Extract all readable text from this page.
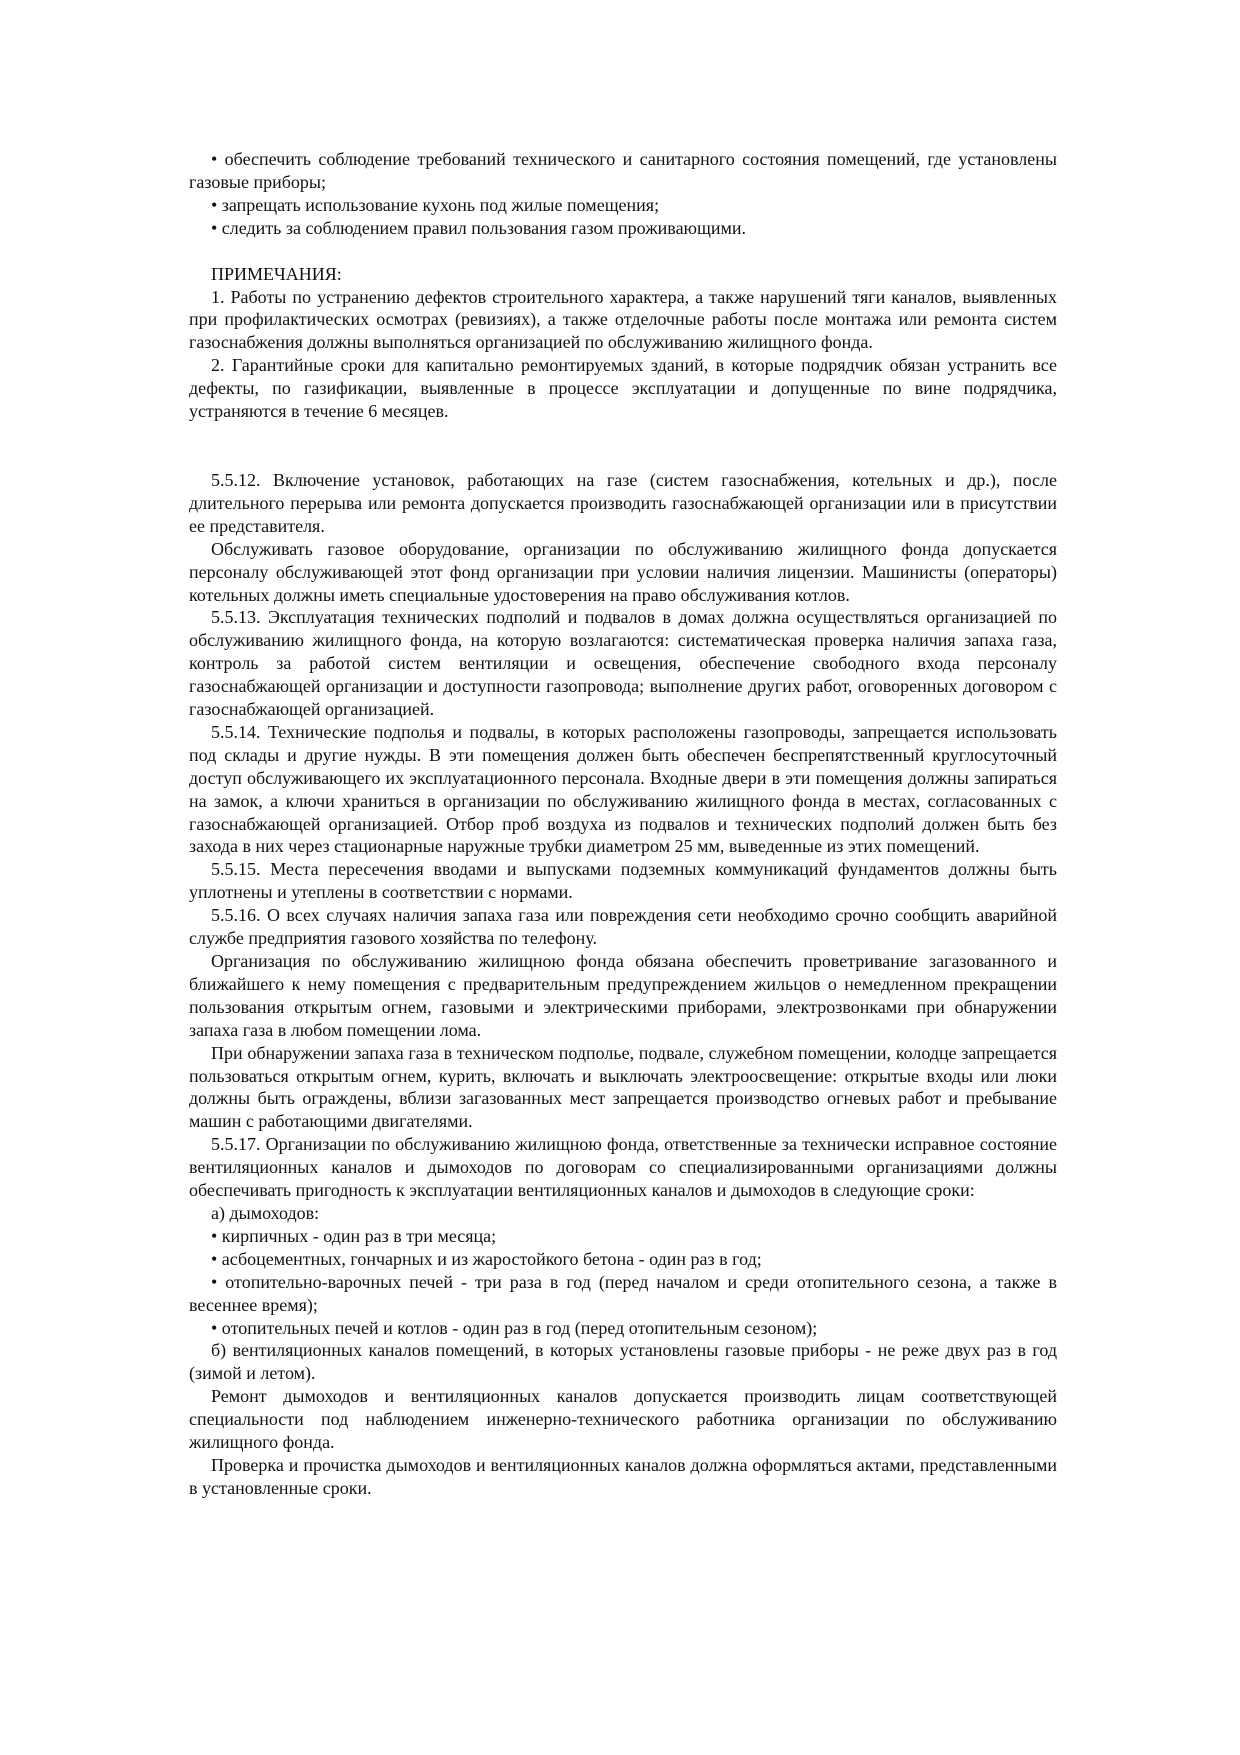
• обеспечить соблюдение требований технического и санитарного состояния помещений, где установлены газовые приборы;

• запрещать использование кухонь под жилые помещения;

• следить за соблюдением правил пользования газом проживающими.

ПРИМЕЧАНИЯ:

1. Работы по устранению дефектов строительного характера, а также нарушений тяги каналов, выявленных при профилактических осмотрах (ревизиях), а также отделочные работы после монтажа или ремонта систем газоснабжения должны выполняться организацией по обслуживанию жилищного фонда.

2. Гарантийные сроки для капитально ремонтируемых зданий, в которые подрядчик обязан устранить все дефекты, по газификации, выявленные в процессе эксплуатации и допущенные по вине подрядчика, устраняются в течение 6 месяцев.

5.5.12. Включение установок, работающих на газе (систем газоснабжения, котельных и др.), после длительного перерыва или ремонта допускается производить газоснабжающей организации или в присутствии ее представителя.

Обслуживать газовое оборудование, организации по обслуживанию жилищного фонда допускается персоналу обслуживающей этот фонд организации при условии наличия лицензии. Машинисты (операторы) котельных должны иметь специальные удостоверения на право обслуживания котлов.

5.5.13. Эксплуатация технических подполий и подвалов в домах должна осуществляться организацией по обслуживанию жилищного фонда, на которую возлагаются: систематическая проверка наличия запаха газа, контроль за работой систем вентиляции и освещения, обеспечение свободного входа персоналу газоснабжающей организации и доступности газопровода; выполнение других работ, оговоренных договором с газоснабжающей организацией.

5.5.14. Технические подполья и подвалы, в которых расположены газопроводы, запрещается использовать под склады и другие нужды. В эти помещения должен быть обеспечен беспрепятственный круглосуточный доступ обслуживающего их эксплуатационного персонала. Входные двери в эти помещения должны запираться на замок, а ключи храниться в организации по обслуживанию жилищного фонда в местах, согласованных с газоснабжающей организацией. Отбор проб воздуха из подвалов и технических подполий должен быть без захода в них через стационарные наружные трубки диаметром 25 мм, выведенные из этих помещений.

5.5.15. Места пересечения вводами и выпусками подземных коммуникаций фундаментов должны быть уплотнены и утеплены в соответствии с нормами.

5.5.16. О всех случаях наличия запаха газа или повреждения сети необходимо срочно сообщить аварийной службе предприятия газового хозяйства по телефону.

Организация по обслуживанию жилищною фонда обязана обеспечить проветривание загазованного и ближайшего к нему помещения с предварительным предупреждением жильцов о немедленном прекращении пользования открытым огнем, газовыми и электрическими приборами, электрозвонками при обнаружении запаха газа в любом помещении лома.

При обнаружении запаха газа в техническом подполье, подвале, служебном помещении, колодце запрещается пользоваться открытым огнем, курить, включать и выключать электроосвещение: открытые входы или люки должны быть ограждены, вблизи загазованных мест запрещается производство огневых работ и пребывание машин с работающими двигателями.

5.5.17. Организации по обслуживанию жилищною фонда, ответственные за технически исправное состояние вентиляционных каналов и дымоходов по договорам со специализированными организациями должны обеспечивать пригодность к эксплуатации вентиляционных каналов и дымоходов в следующие сроки:

а) дымоходов:

• кирпичных - один раз в три месяца;

• асбоцементных, гончарных и из жаростойкого бетона - один раз в год;

• отопительно-варочных печей - три раза в год (перед началом и среди отопительного сезона, а также в весеннее время);

• отопительных печей и котлов - один раз в год (перед отопительным сезоном);

б) вентиляционных каналов помещений, в которых установлены газовые приборы - не реже двух раз в год (зимой и летом).

Ремонт дымоходов и вентиляционных каналов допускается производить лицам соответствующей специальности под наблюдением инженерно-технического работника организации по обслуживанию жилищного фонда.

Проверка и прочистка дымоходов и вентиляционных каналов должна оформляться актами, представленными в установленные сроки.
